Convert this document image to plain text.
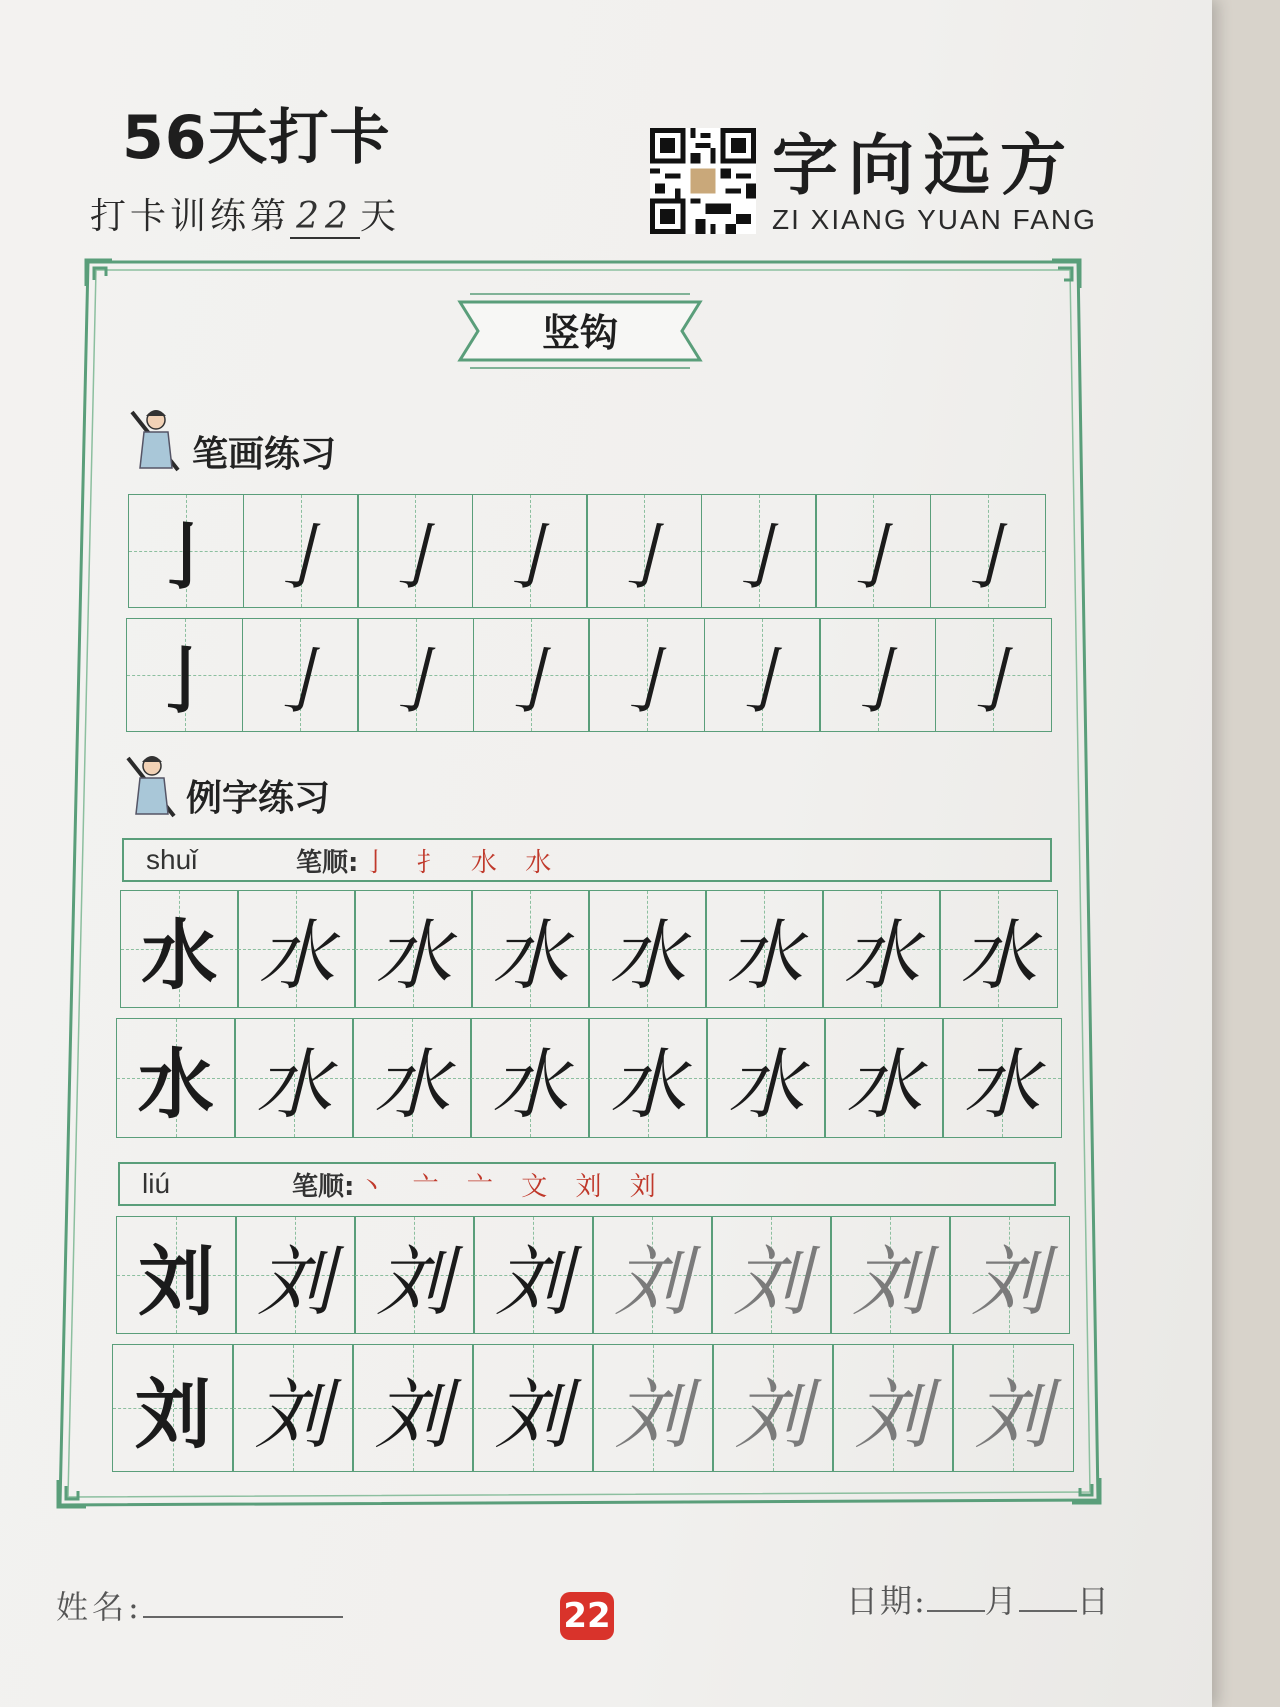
56天打卡
打卡训练第 22 天
字向远方
ZI XIANG YUAN FANG
竖钩
笔画练习
亅 亅 亅 亅 亅 亅 亅 亅
亅 亅 亅 亅 亅 亅 亅 亅
例字练习
shuǐ	笔顺: 亅 ⺘ 水 水
liú	笔顺: 丶 亠 亠 文 刘 刘
水 水 水 水 水 水 水 水
水 水 水 水 水 水 水 水
刘 刘 刘 刘 刘 刘 刘 刘
刘 刘 刘 刘 刘 刘 刘 刘
姓名:	22	日期: 月 日
